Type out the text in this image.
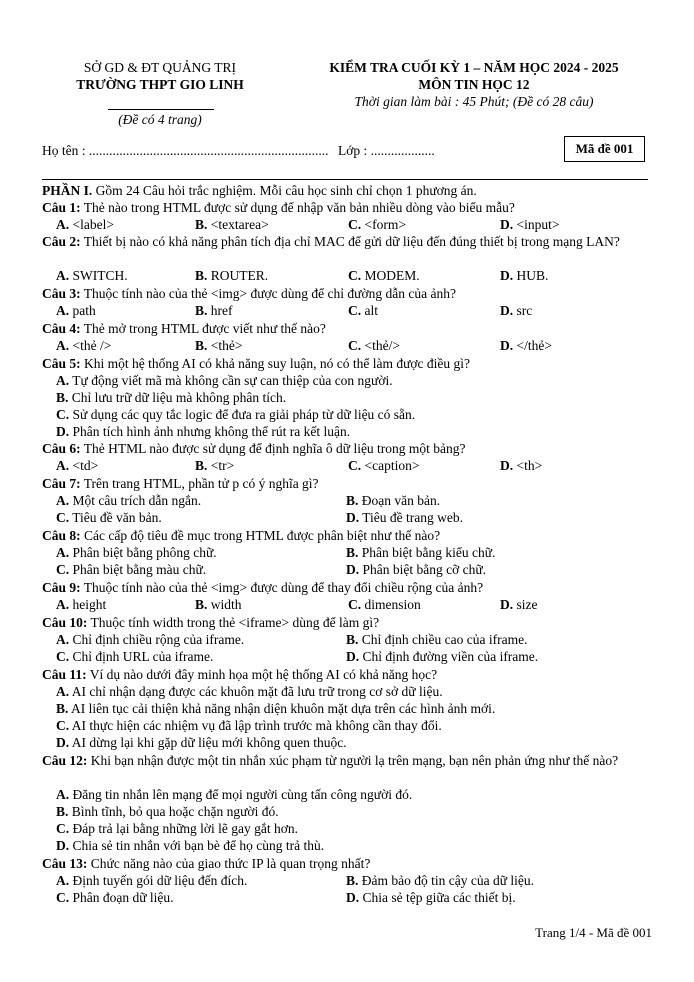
SỞ GD & ĐT QUẢNG TRỊ
TRƯỜNG THPT GIO LINH
(Đề có 4 trang)
KIỂM TRA CUỐI KỲ 1 – NĂM HỌC 2024 - 2025
MÔN TIN HỌC 12
Thời gian làm bài : 45 Phút; (Đề có 28 câu)
Họ tên : ....................................................................... Lớp : ...................	Mã đề 001
PHẦN I. Gồm 24 Câu hỏi trắc nghiệm. Mỗi câu học sinh chỉ chọn 1 phương án.
Câu 1: Thẻ nào trong HTML được sử dụng để nhập văn bản nhiều dòng vào biểu mẫu?
A. <label>	B. <textarea>	C. <form>	D. <input>
Câu 2: Thiết bị nào có khả năng phân tích địa chỉ MAC để gửi dữ liệu đến đúng thiết bị trong mạng LAN?
A. SWITCH.	B. ROUTER.	C. MODEM.	D. HUB.
Câu 3: Thuộc tính nào của thẻ <img> được dùng để chỉ đường dẫn của ảnh?
A. path	B. href	C. alt	D. src
Câu 4: Thẻ mở trong HTML được viết như thế nào?
A. <thẻ />	B. <thẻ>	C. <thẻ/>	D. </thẻ>
Câu 5: Khi một hệ thống AI có khả năng suy luận, nó có thể làm được điều gì?
A. Tự động viết mã mà không cần sự can thiệp của con người.
B. Chỉ lưu trữ dữ liệu mà không phân tích.
C. Sử dụng các quy tắc logic để đưa ra giải pháp từ dữ liệu có sẵn.
D. Phân tích hình ảnh nhưng không thể rút ra kết luận.
Câu 6: Thẻ HTML nào được sử dụng để định nghĩa ô dữ liệu trong một bảng?
A. <td>	B. <tr>	C. <caption>	D. <th>
Câu 7: Trên trang HTML, phần tử p có ý nghĩa gì?
A. Một câu trích dẫn ngắn.	B. Đoạn văn bản.
C. Tiêu đề văn bản.	D. Tiêu đề trang web.
Câu 8: Các cấp độ tiêu đề mục trong HTML được phân biệt như thế nào?
A. Phân biệt bằng phông chữ.	B. Phân biệt bằng kiểu chữ.
C. Phân biệt bằng màu chữ.	D. Phân biệt bằng cỡ chữ.
Câu 9: Thuộc tính nào của thẻ <img> được dùng để thay đổi chiều rộng của ảnh?
A. height	B. width	C. dimension	D. size
Câu 10: Thuộc tính width trong thẻ <iframe> dùng để làm gì?
A. Chỉ định chiều rộng của iframe.	B. Chỉ định chiều cao của iframe.
C. Chỉ định URL của iframe.	D. Chỉ định đường viền của iframe.
Câu 11: Ví dụ nào dưới đây minh họa một hệ thống AI có khả năng học?
A. AI chỉ nhận dạng được các khuôn mặt đã lưu trữ trong cơ sở dữ liệu.
B. AI liên tục cải thiện khả năng nhận diện khuôn mặt dựa trên các hình ảnh mới.
C. AI thực hiện các nhiệm vụ đã lập trình trước mà không cần thay đổi.
D. AI dừng lại khi gặp dữ liệu mới không quen thuộc.
Câu 12: Khi bạn nhận được một tin nhắn xúc phạm từ người lạ trên mạng, bạn nên phản ứng như thế nào?
A. Đăng tin nhắn lên mạng để mọi người cùng tấn công người đó.
B. Bình tĩnh, bỏ qua hoặc chặn người đó.
C. Đáp trả lại bằng những lời lẽ gay gắt hơn.
D. Chia sẻ tin nhắn với bạn bè để họ cùng trả thù.
Câu 13: Chức năng nào của giao thức IP là quan trọng nhất?
A. Định tuyến gói dữ liệu đến đích.	B. Đảm bảo độ tin cậy của dữ liệu.
C. Phân đoạn dữ liệu.	D. Chia sẻ tệp giữa các thiết bị.
Trang 1/4 - Mã đề 001
